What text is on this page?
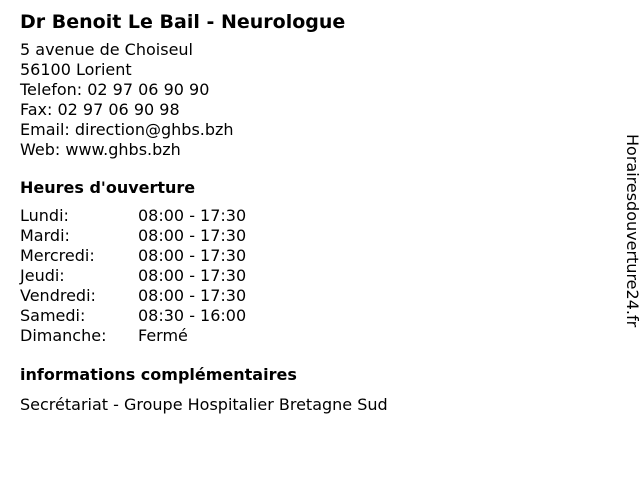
Dr Benoit Le Bail - Neurologue
5 avenue de Choiseul
56100 Lorient
Telefon: 02 97 06 90 90
Fax: 02 97 06 90 98
Email: direction@ghbs.bzh
Web: www.ghbs.bzh
Heures d'ouverture
Lundi:	08:00 - 17:30
Mardi:	08:00 - 17:30
Mercredi:	08:00 - 17:30
Jeudi:	08:00 - 17:30
Vendredi:	08:00 - 17:30
Samedi:	08:30 - 16:00
Dimanche:	Fermé
informations complémentaires
Secrétariat - Groupe Hospitalier Bretagne Sud
Horairesdouverture24.fr
